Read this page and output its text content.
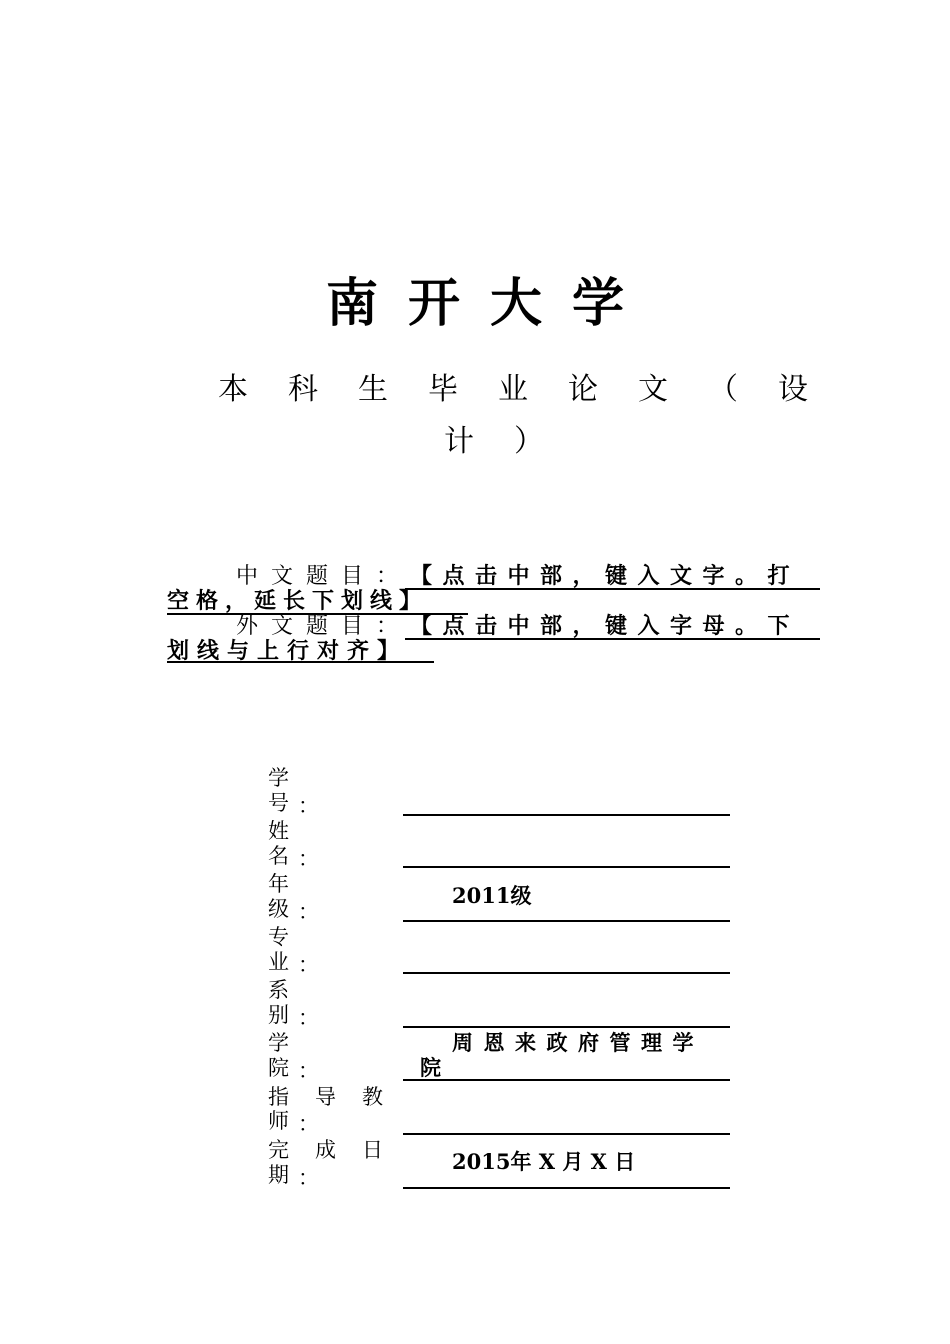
南开大学
本科生毕业论文（设
计）
中文题目：
【点击中部，键入文字。打
空格，延长下划线】
外文题目：
【点击中部，键入字母。下
划线与上行对齐】
学
号 ：
姓
名 ：
年
级 ：
2011级
专
业 ：
系
别 ：
学
院 ：
周恩来政府管理学
院
指导教
师 ：
完成日
期 ：
2015年 X 月 X 日
